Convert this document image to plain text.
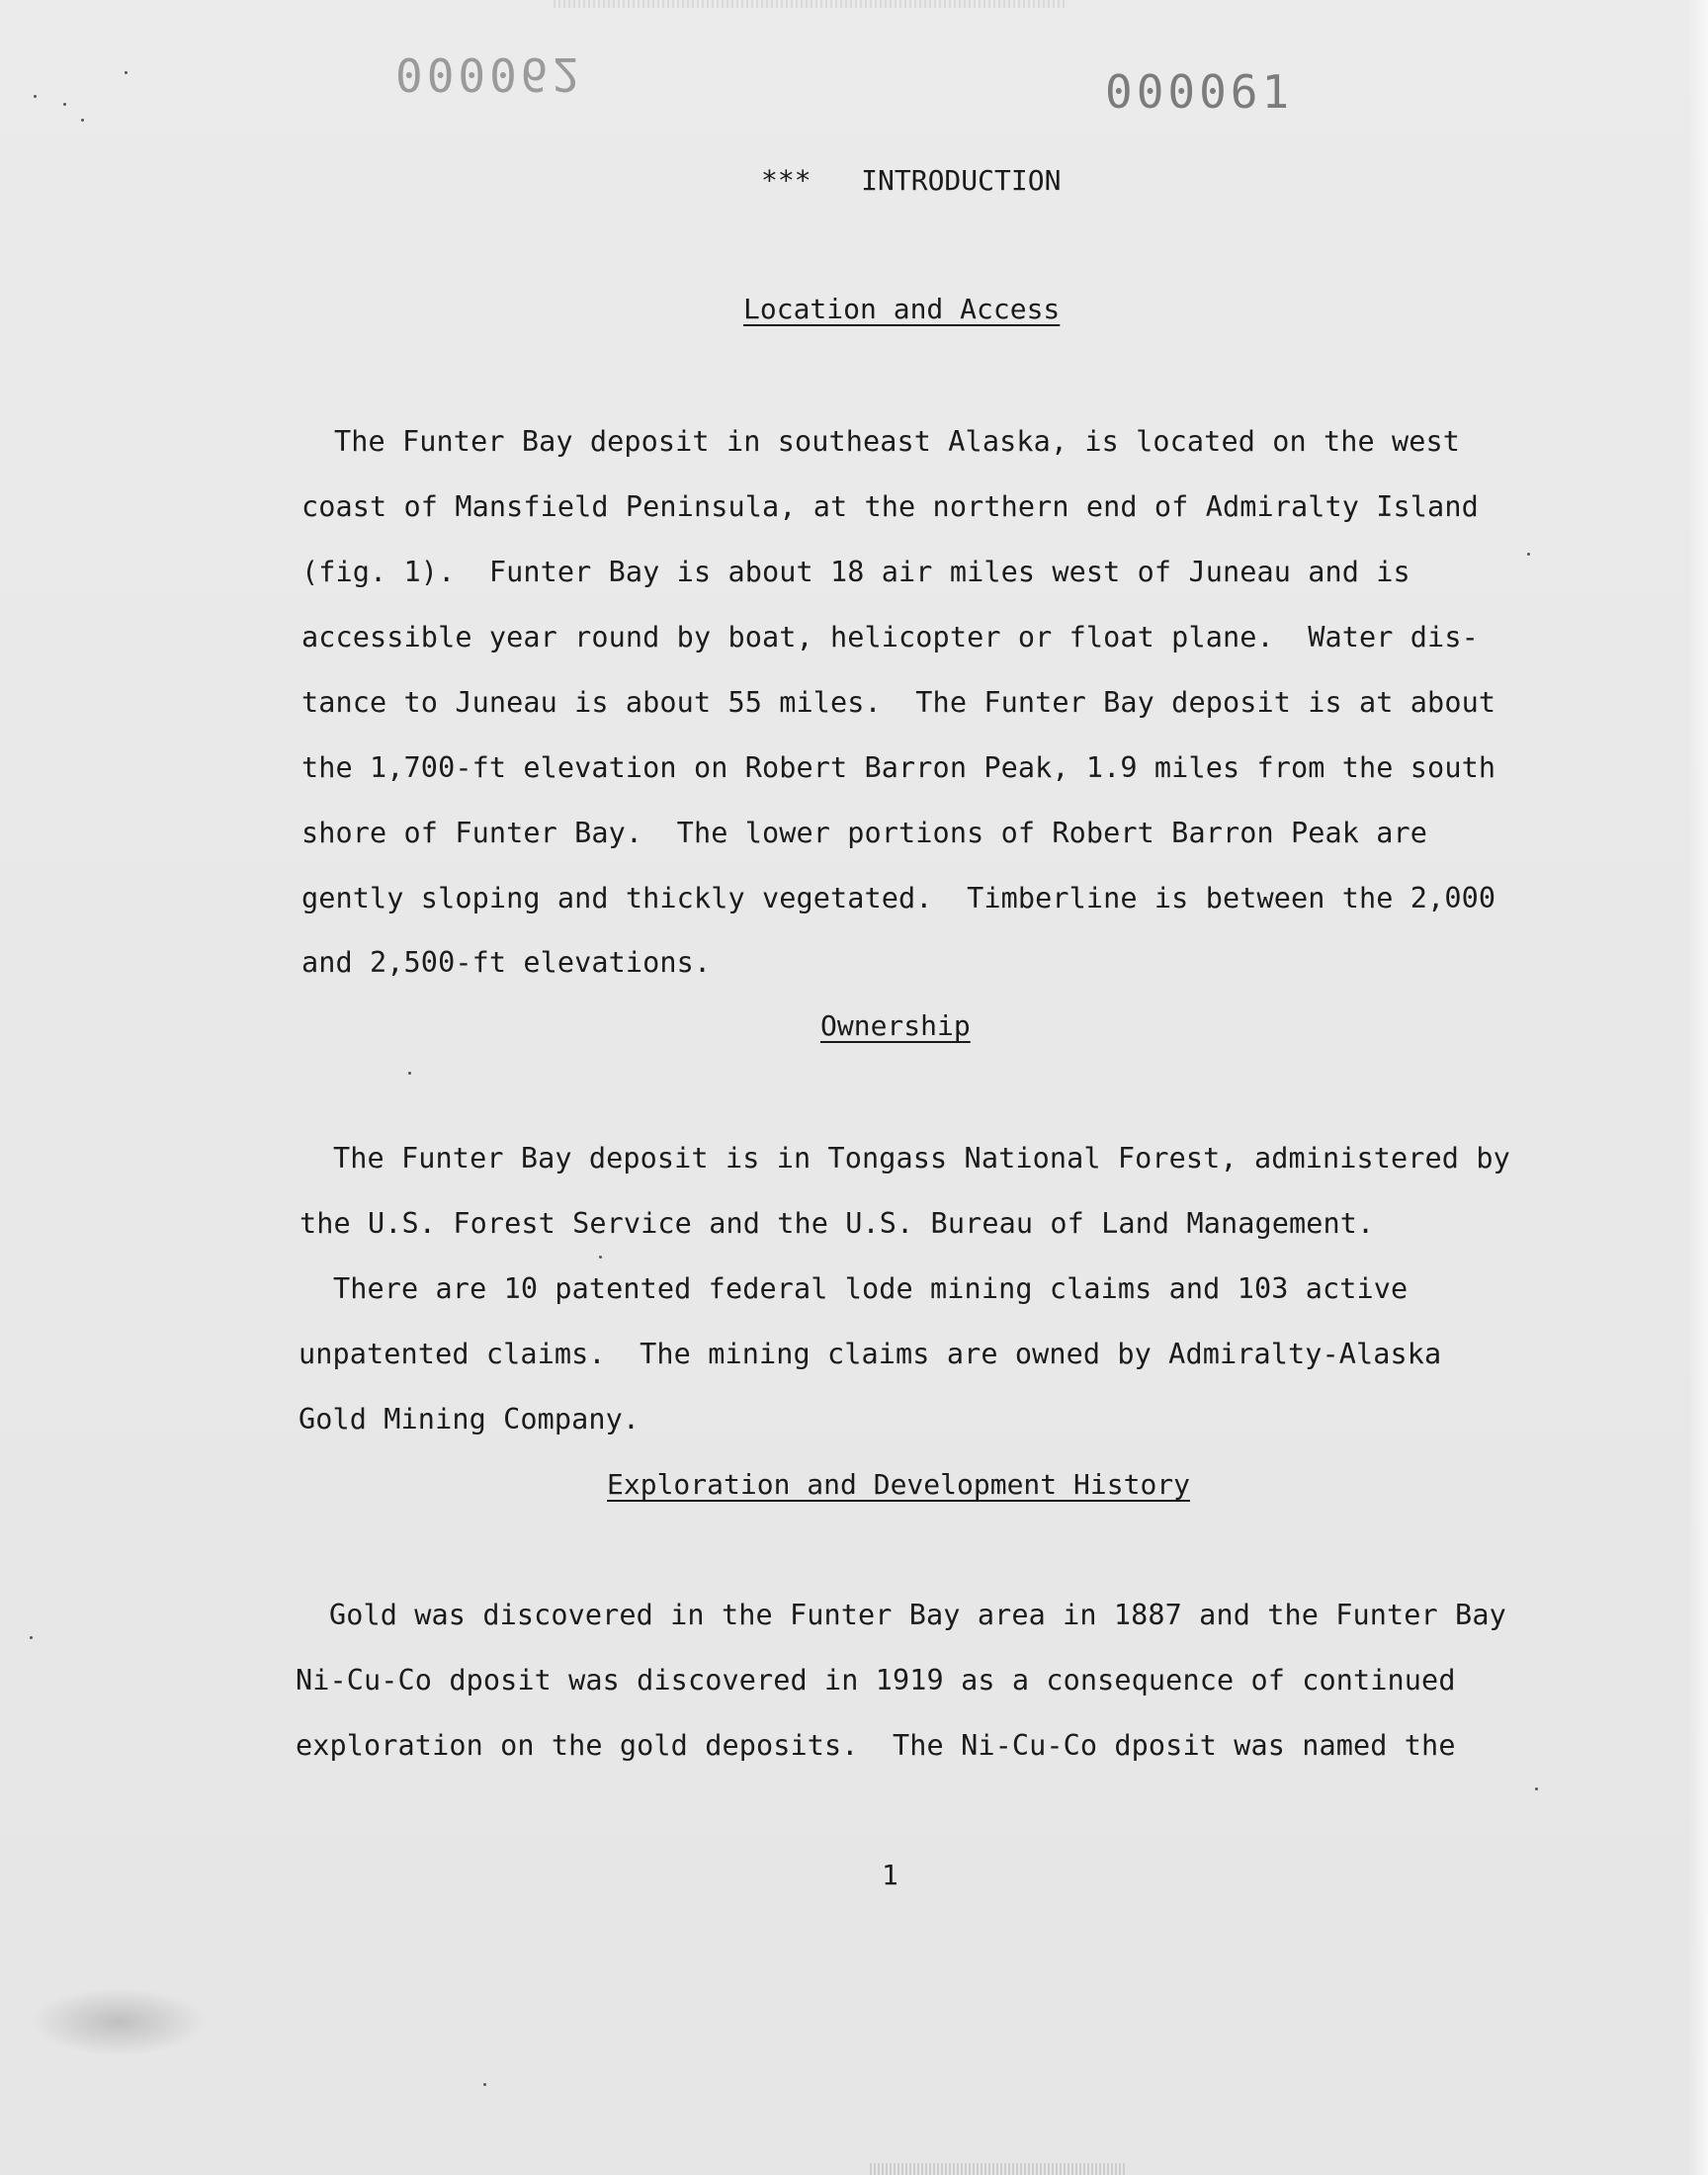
000062	000061
***   INTRODUCTION
Location and Access
The Funter Bay deposit in southeast Alaska, is located on the west
coast of Mansfield Peninsula, at the northern end of Admiralty Island
(fig. 1).  Funter Bay is about 18 air miles west of Juneau and is
accessible year round by boat, helicopter or float plane.  Water dis-
tance to Juneau is about 55 miles.  The Funter Bay deposit is at about
the 1,700-ft elevation on Robert Barron Peak, 1.9 miles from the south
shore of Funter Bay.  The lower portions of Robert Barron Peak are
gently sloping and thickly vegetated.  Timberline is between the 2,000
and 2,500-ft elevations.
Ownership
The Funter Bay deposit is in Tongass National Forest, administered by
the U.S. Forest Service and the U.S. Bureau of Land Management.
There are 10 patented federal lode mining claims and 103 active
unpatented claims.  The mining claims are owned by Admiralty-Alaska
Gold Mining Company.
Exploration and Development History
Gold was discovered in the Funter Bay area in 1887 and the Funter Bay
Ni-Cu-Co dposit was discovered in 1919 as a consequence of continued
exploration on the gold deposits.  The Ni-Cu-Co dposit was named the
1
